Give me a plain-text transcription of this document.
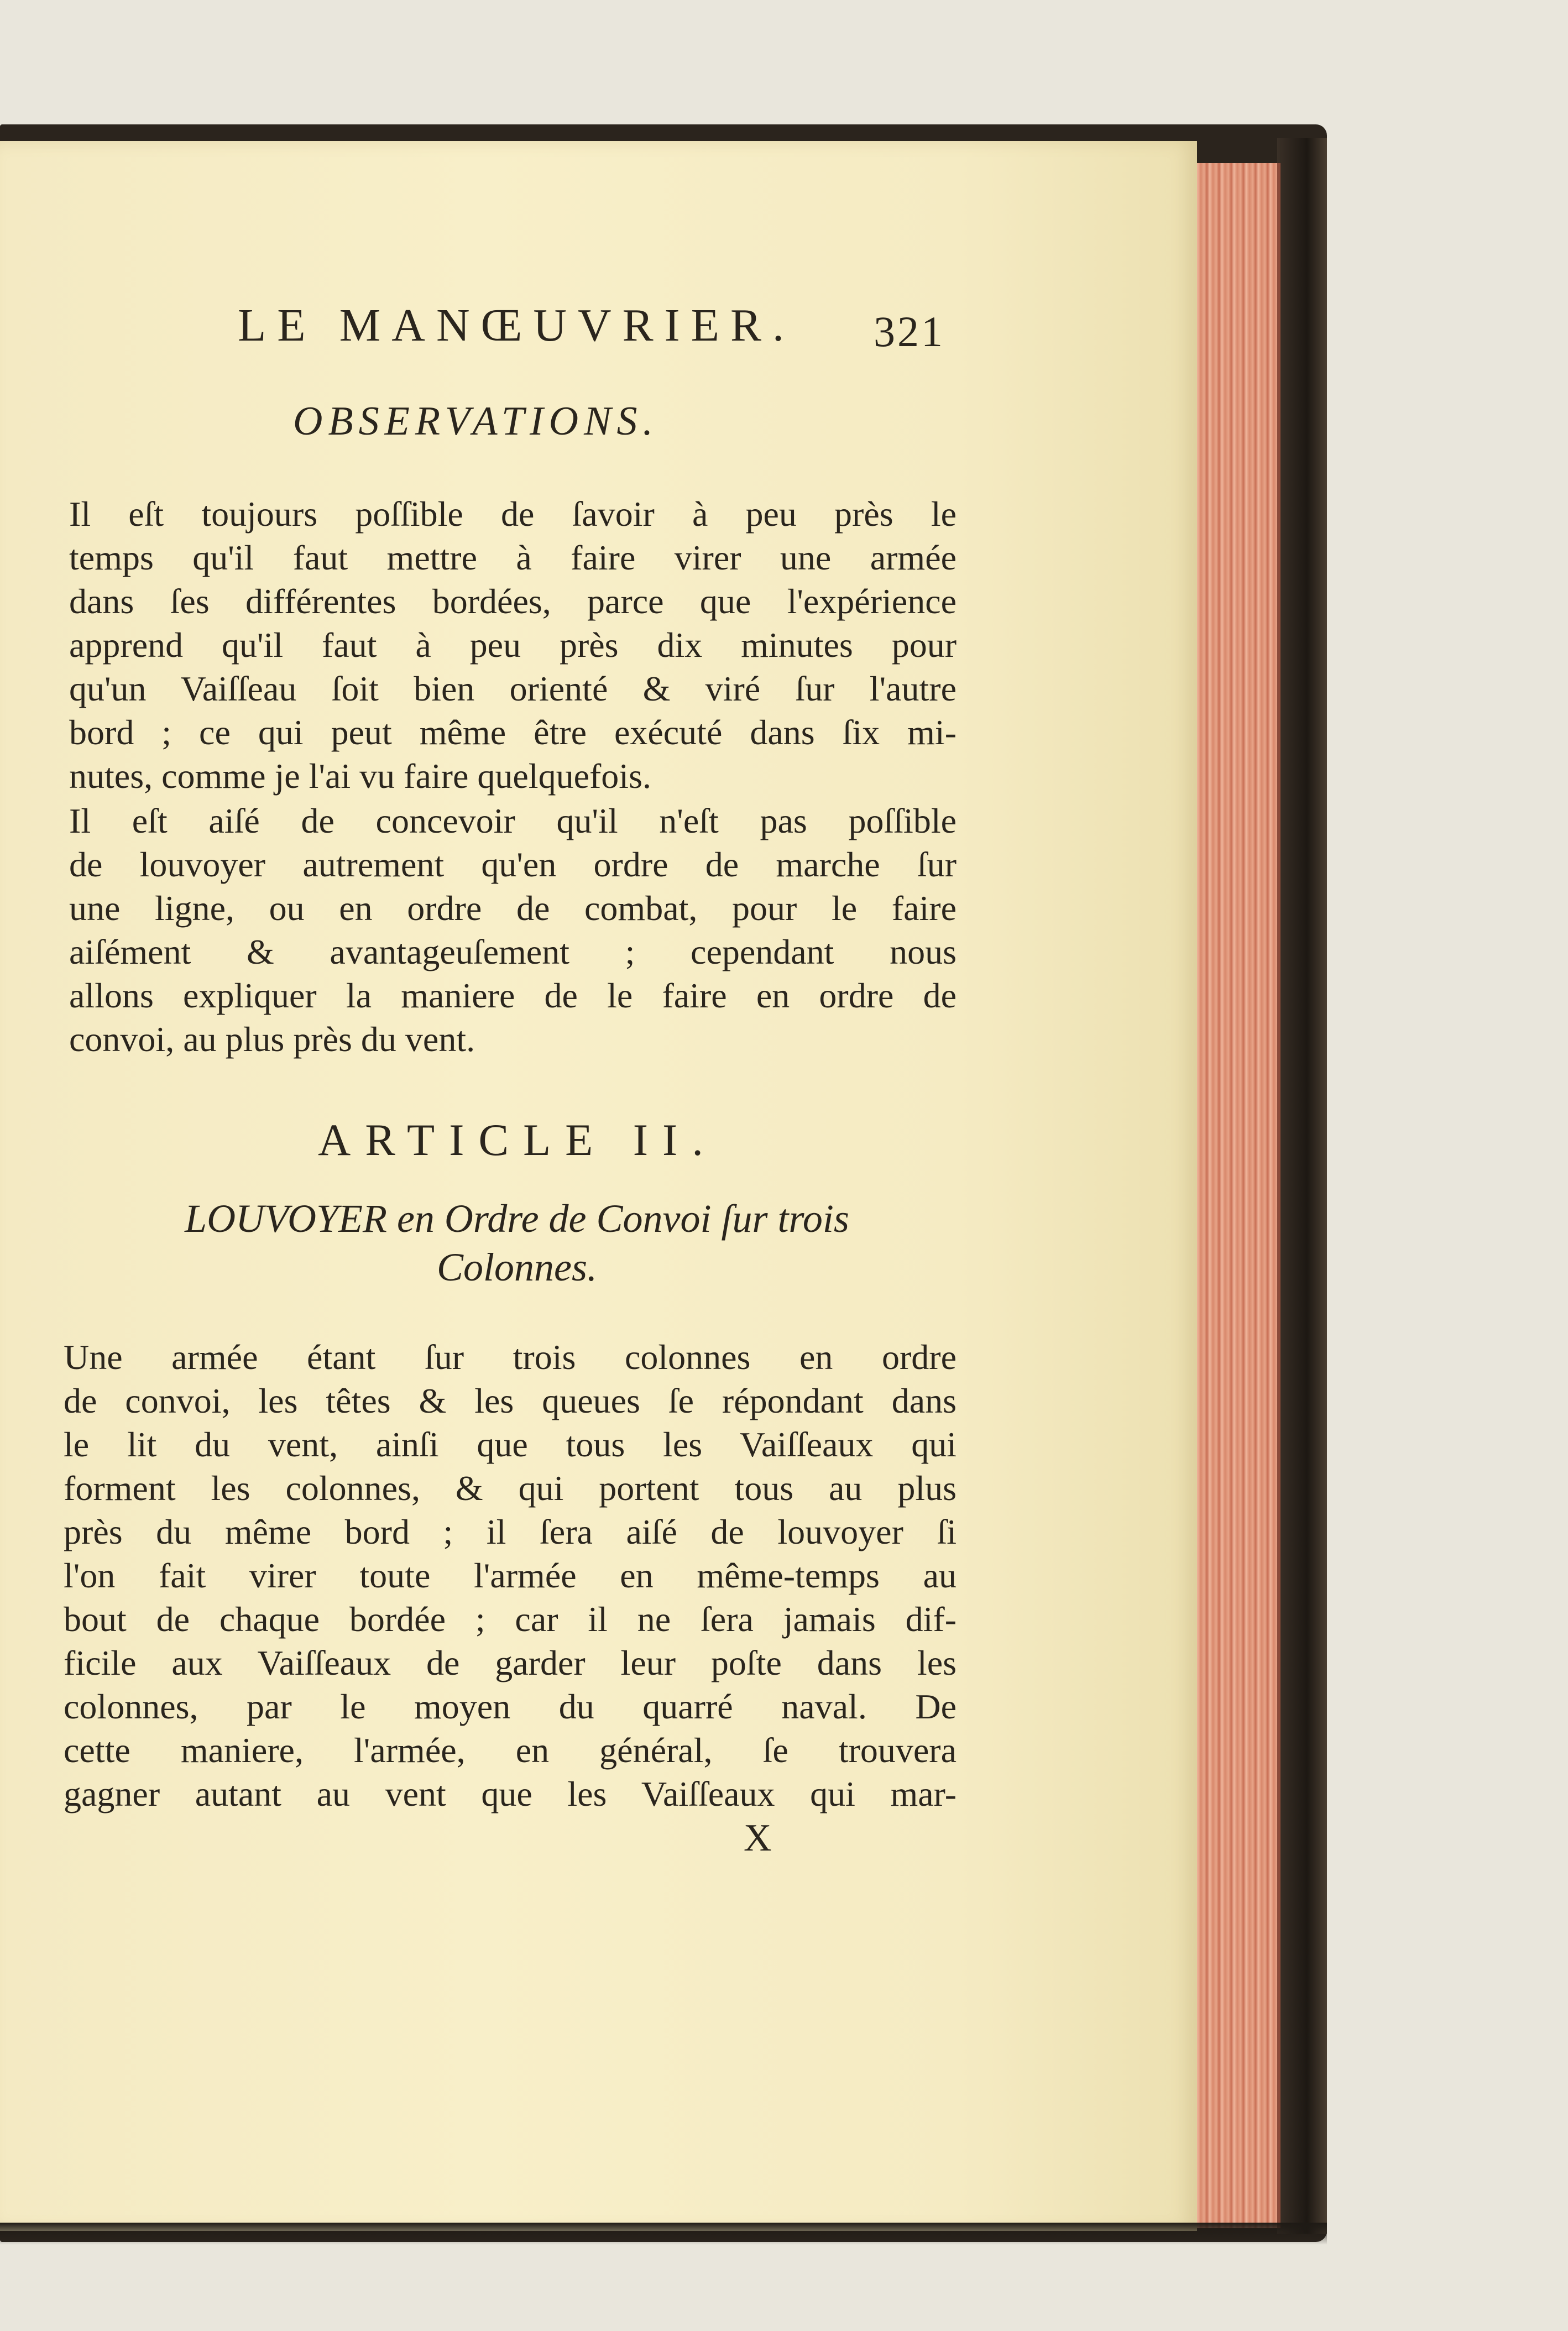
LE MANŒUVRIER.	321
OBSERVATIONS.
Il eſt toujours poſſible de ſavoir à peu près le
temps qu'il faut mettre à faire virer une armée
dans ſes différentes bordées, parce que l'expérience
apprend qu'il faut à peu près dix minutes pour
qu'un Vaiſſeau ſoit bien orienté & viré ſur l'autre
bord ; ce qui peut même être exécuté dans ſix mi-
nutes, comme je l'ai vu faire quelquefois.
Il eſt aiſé de concevoir qu'il n'eſt pas poſſible
de louvoyer autrement qu'en ordre de marche ſur
une ligne, ou en ordre de combat, pour le faire
aiſément & avantageuſement ; cependant nous
allons expliquer la maniere de le faire en ordre de
convoi, au plus près du vent.
ARTICLE II.
LOUVOYER en Ordre de Convoi ſur trois
Colonnes.
Une armée étant ſur trois colonnes en ordre
de convoi, les têtes & les queues ſe répondant dans
le lit du vent, ainſi que tous les Vaiſſeaux qui
forment les colonnes, & qui portent tous au plus
près du même bord ; il ſera aiſé de louvoyer ſi
l'on fait virer toute l'armée en même-temps au
bout de chaque bordée ; car il ne ſera jamais dif-
ficile aux Vaiſſeaux de garder leur poſte dans les
colonnes, par le moyen du quarré naval. De
cette maniere, l'armée, en général, ſe trouvera
gagner autant au vent que les Vaiſſeaux qui mar-
X
